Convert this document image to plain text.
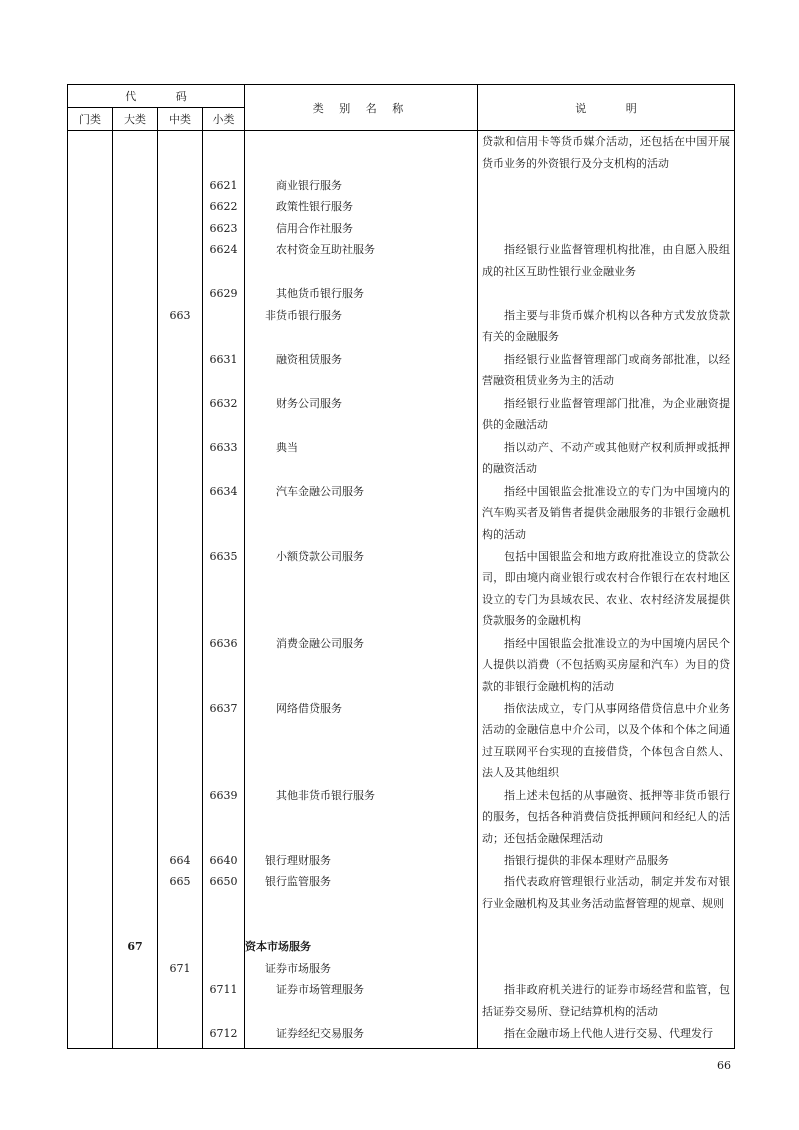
代 码				类 别 名 称	说 明
门类	大类	中类	小类		
					贷款和信用卡等货币媒介活动，还包括在中国开展货币业务的外资银行及分支机构的活动
			6621	商业银行服务	
			6622	政策性银行服务	
			6623	信用合作社服务	
			6624	农村资金互助社服务	指经银行业监督管理机构批准，由自愿入股组成的社区互助性银行业金融业务
			6629	其他货币银行服务	
		663		非货币银行服务	指主要与非货币媒介机构以各种方式发放贷款有关的金融服务
			6631	融资租赁服务	指经银行业监督管理部门或商务部批准，以经营融资租赁业务为主的活动
			6632	财务公司服务	指经银行业监督管理部门批准，为企业融资提供的金融活动
			6633	典当	指以动产、不动产或其他财产权利质押或抵押的融资活动
			6634	汽车金融公司服务	指经中国银监会批准设立的专门为中国境内的汽车购买者及销售者提供金融服务的非银行金融机构的活动
			6635	小额贷款公司服务	包括中国银监会和地方政府批准设立的贷款公司，即由境内商业银行或农村合作银行在农村地区设立的专门为县域农民、农业、农村经济发展提供贷款服务的金融机构
			6636	消费金融公司服务	指经中国银监会批准设立的为中国境内居民个人提供以消费（不包括购买房屋和汽车）为目的贷款的非银行金融机构的活动
			6637	网络借贷服务	指依法成立，专门从事网络借贷信息中介业务活动的金融信息中介公司，以及个体和个体之间通过互联网平台实现的直接借贷，个体包含自然人、法人及其他组织
			6639	其他非货币银行服务	指上述未包括的从事融资、抵押等非货币银行的服务，包括各种消费信贷抵押顾问和经纪人的活动；还包括金融保理活动
		664	6640	银行理财服务	指银行提供的非保本理财产品服务
		665	6650	银行监管服务	指代表政府管理银行业活动，制定并发布对银行业金融机构及其业务活动监督管理的规章、规则
	67			资本市场服务	
		671		证券市场服务	
			6711	证券市场管理服务	指非政府机关进行的证券市场经营和监管，包括证券交易所、登记结算机构的活动
			6712	证券经纪交易服务	指在金融市场上代他人进行交易、代理发行
66
